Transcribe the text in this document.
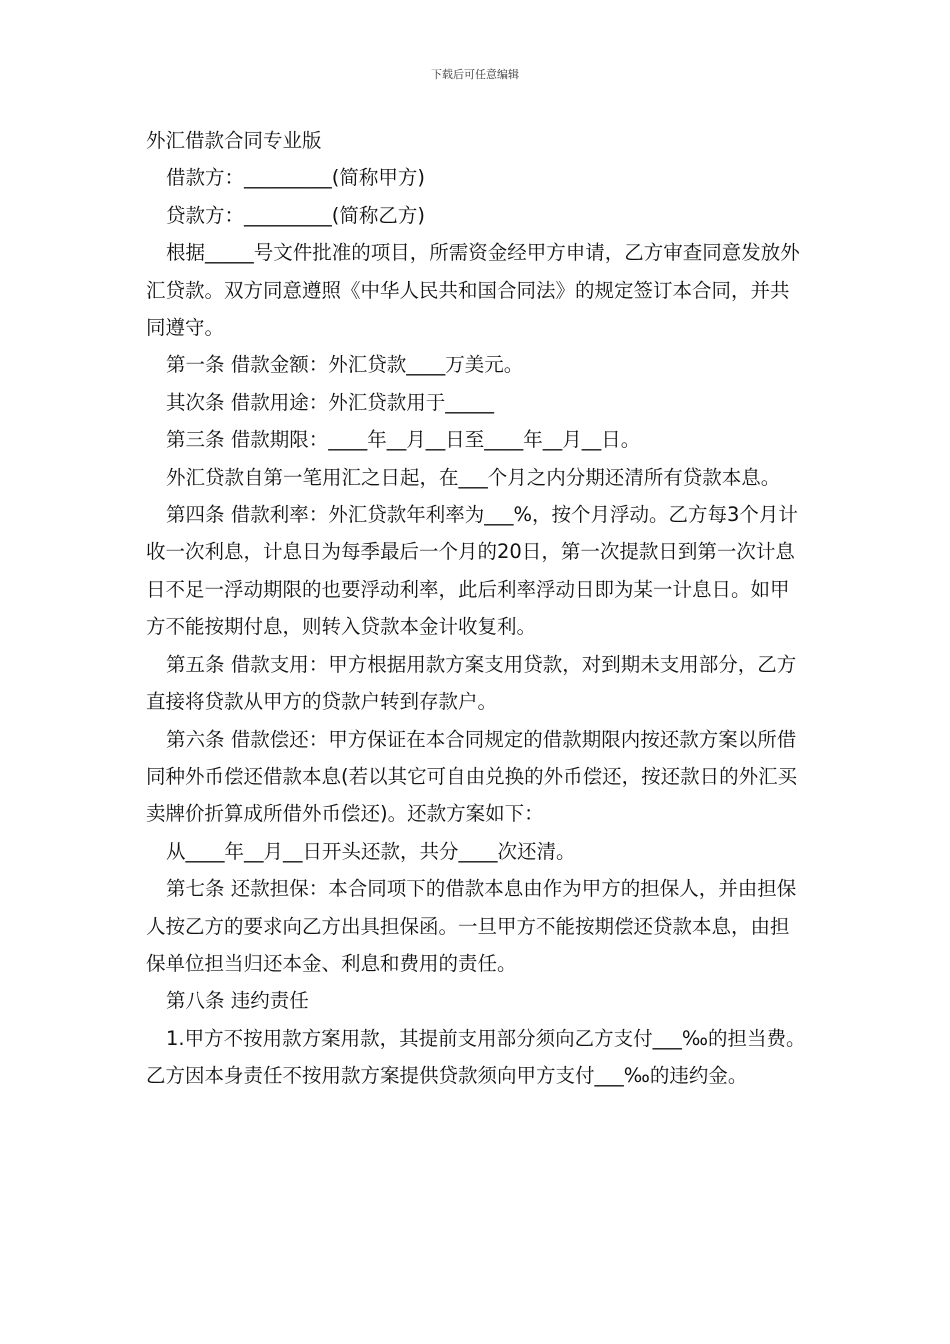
下载后可任意编辑

外汇借款合同专业版

借款方：_________(简称甲方)

贷款方：_________(简称乙方)

根据_____号文件批准的项目，所需资金经甲方申请，乙方审查同意发放外汇贷款。双方同意遵照《中华人民共和国合同法》的规定签订本合同，并共同遵守。

第一条 借款金额：外汇贷款____万美元。

其次条 借款用途：外汇贷款用于_____

第三条 借款期限：____年__月__日至____年__月__日。

外汇贷款自第一笔用汇之日起，在___个月之内分期还清所有贷款本息。

第四条 借款利率：外汇贷款年利率为___%，按个月浮动。乙方每3个月计收一次利息，计息日为每季最后一个月的20日，第一次提款日到第一次计息日不足一浮动期限的也要浮动利率，此后利率浮动日即为某一计息日。如甲方不能按期付息，则转入贷款本金计收复利。

第五条 借款支用：甲方根据用款方案支用贷款，对到期未支用部分，乙方直接将贷款从甲方的贷款户转到存款户。

第六条 借款偿还：甲方保证在本合同规定的借款期限内按还款方案以所借同种外币偿还借款本息(若以其它可自由兑换的外币偿还，按还款日的外汇买卖牌价折算成所借外币偿还)。还款方案如下：

从____年__月__日开头还款，共分____次还清。

第七条 还款担保：本合同项下的借款本息由作为甲方的担保人，并由担保人按乙方的要求向乙方出具担保函。一旦甲方不能按期偿还贷款本息，由担保单位担当归还本金、利息和费用的责任。

第八条 违约责任

1.甲方不按用款方案用款，其提前支用部分须向乙方支付___‰的担当费。乙方因本身责任不按用款方案提供贷款须向甲方支付___‰的违约金。
